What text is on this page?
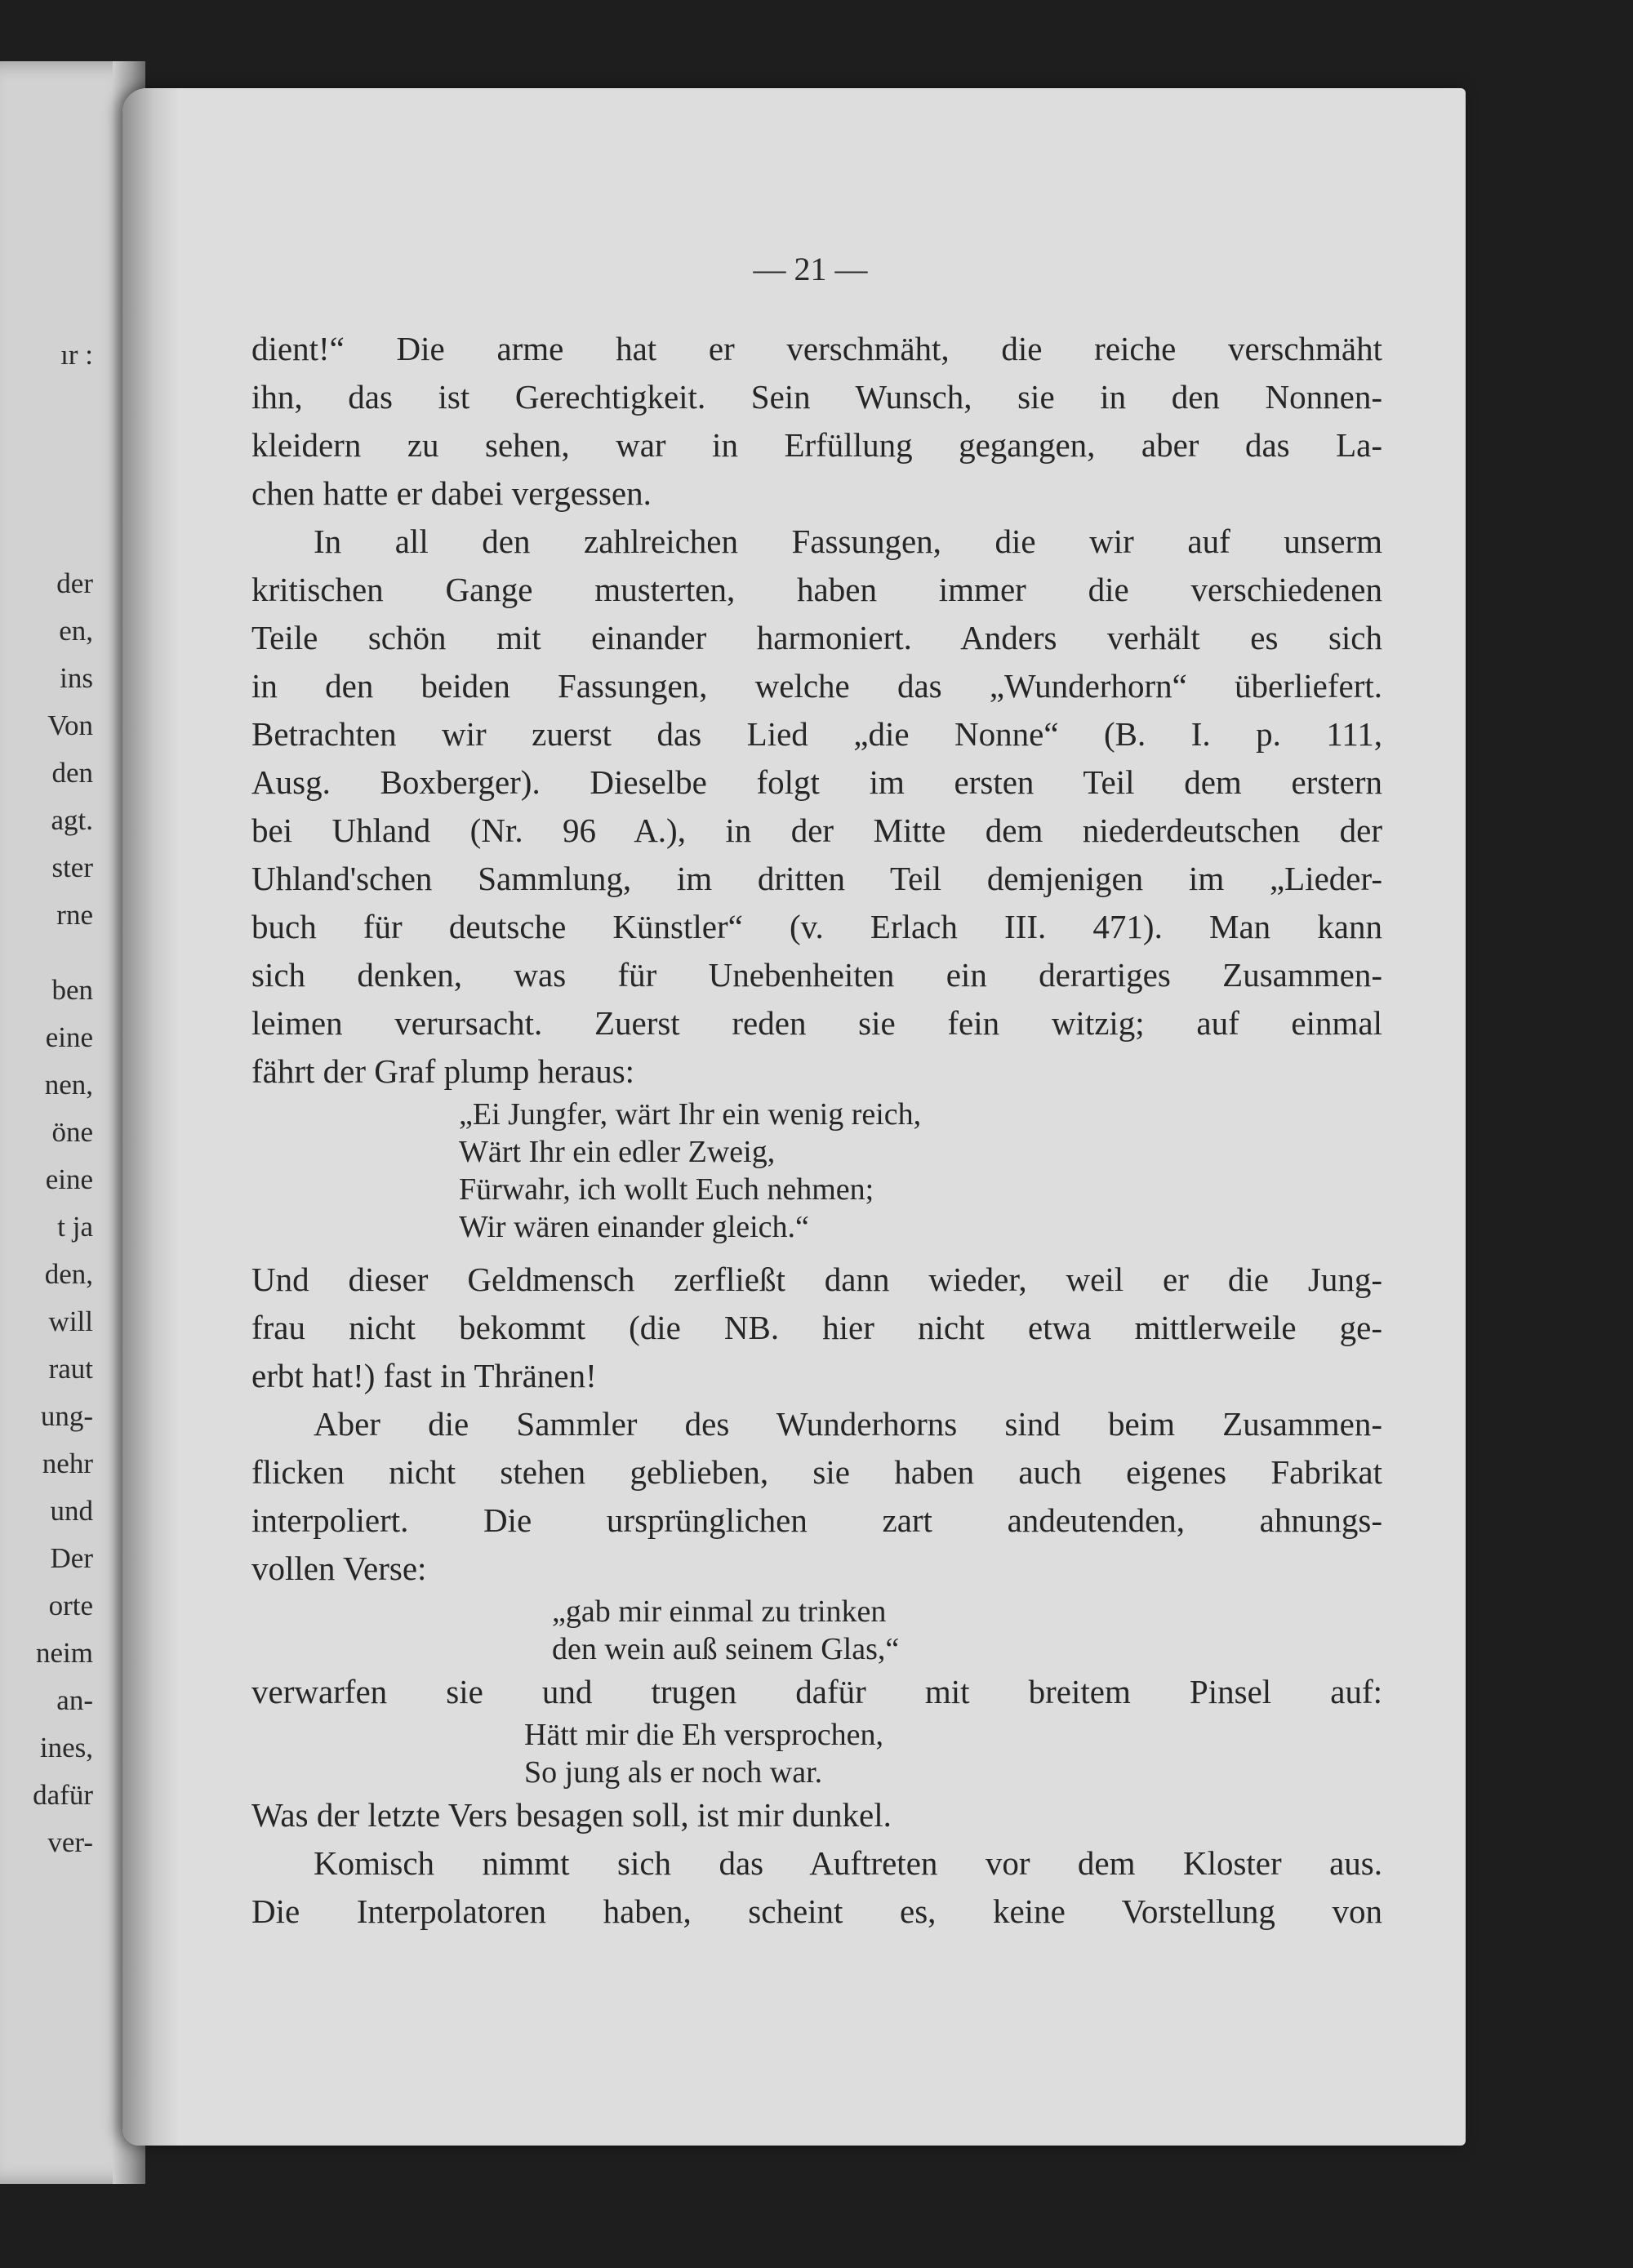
ır :
der
en,
ins
Von
den
agt.
ster
rne
ben
eine
nen,
öne
eine
t ja
den,
will
raut
ung-
nehr
und
Der
orte
neim
an-
ines,
dafür
ver-
— 21 —
dient!“ Die arme hat er verschmäht, die reiche verschmäht
ihn, das ist Gerechtigkeit. Sein Wunsch, sie in den Nonnen-
kleidern zu sehen, war in Erfüllung gegangen, aber das La-
chen hatte er dabei vergessen.
In all den zahlreichen Fassungen, die wir auf unserm
kritischen Gange musterten, haben immer die verschiedenen
Teile schön mit einander harmoniert. Anders verhält es sich
in den beiden Fassungen, welche das „Wunderhorn“ überliefert.
Betrachten wir zuerst das Lied „die Nonne“ (B. I. p. 111,
Ausg. Boxberger). Dieselbe folgt im ersten Teil dem erstern
bei Uhland (Nr. 96 A.), in der Mitte dem niederdeutschen der
Uhland'schen Sammlung, im dritten Teil demjenigen im „Lieder-
buch für deutsche Künstler“ (v. Erlach III. 471). Man kann
sich denken, was für Unebenheiten ein derartiges Zusammen-
leimen verursacht. Zuerst reden sie fein witzig; auf einmal
fährt der Graf plump heraus:
„Ei Jungfer, wärt Ihr ein wenig reich,
Wärt Ihr ein edler Zweig,
Fürwahr, ich wollt Euch nehmen;
Wir wären einander gleich.“
Und dieser Geldmensch zerfließt dann wieder, weil er die Jung-
frau nicht bekommt (die NB. hier nicht etwa mittlerweile ge-
erbt hat!) fast in Thränen!
Aber die Sammler des Wunderhorns sind beim Zusammen-
flicken nicht stehen geblieben, sie haben auch eigenes Fabrikat
interpoliert. Die ursprünglichen zart andeutenden, ahnungs-
vollen Verse:
„gab mir einmal zu trinken
den wein auß seinem Glas,“
verwarfen sie und trugen dafür mit breitem Pinsel auf:
Hätt mir die Eh versprochen,
So jung als er noch war.
Was der letzte Vers besagen soll, ist mir dunkel.
Komisch nimmt sich das Auftreten vor dem Kloster aus.
Die Interpolatoren haben, scheint es, keine Vorstellung von
